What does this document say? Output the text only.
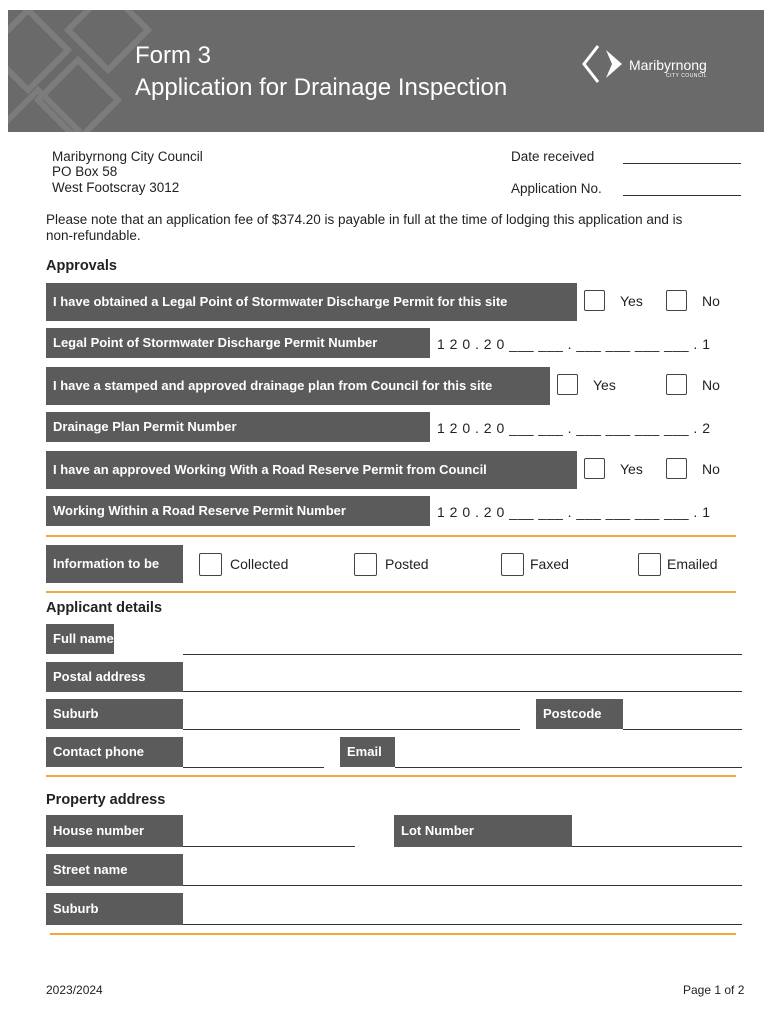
Form 3
Application for Drainage Inspection
Maribyrnong
CITY COUNCIL
Maribyrnong City Council
PO Box 58
West Footscray 3012
Date received
Application No.
Please note that an application fee of $374.20 is payable in full at the time of lodging this application and is
non-refundable.
Approvals
I have obtained a Legal Point of Stormwater Discharge Permit for this site	Yes	No
Legal Point of Stormwater Discharge Permit Number	1 2 0 . 2 0 ___ ___ . ___ ___ ___ ___ . 1
I have a stamped and approved drainage plan from Council for this site	Yes	No
Drainage Plan Permit Number	1 2 0 . 2 0 ___ ___ . ___ ___ ___ ___ . 2
I have an approved Working With a Road Reserve Permit from Council	Yes	No
Working Within a Road Reserve Permit Number	1 2 0 . 2 0 ___ ___ . ___ ___ ___ ___ . 1
Information to be	Collected	Posted	Faxed	Emailed
Applicant details
Full name
Postal address
Suburb	Postcode
Contact phone	Email
Property address
House number	Lot Number
Street name
Suburb
2023/2024	Page 1 of 2
